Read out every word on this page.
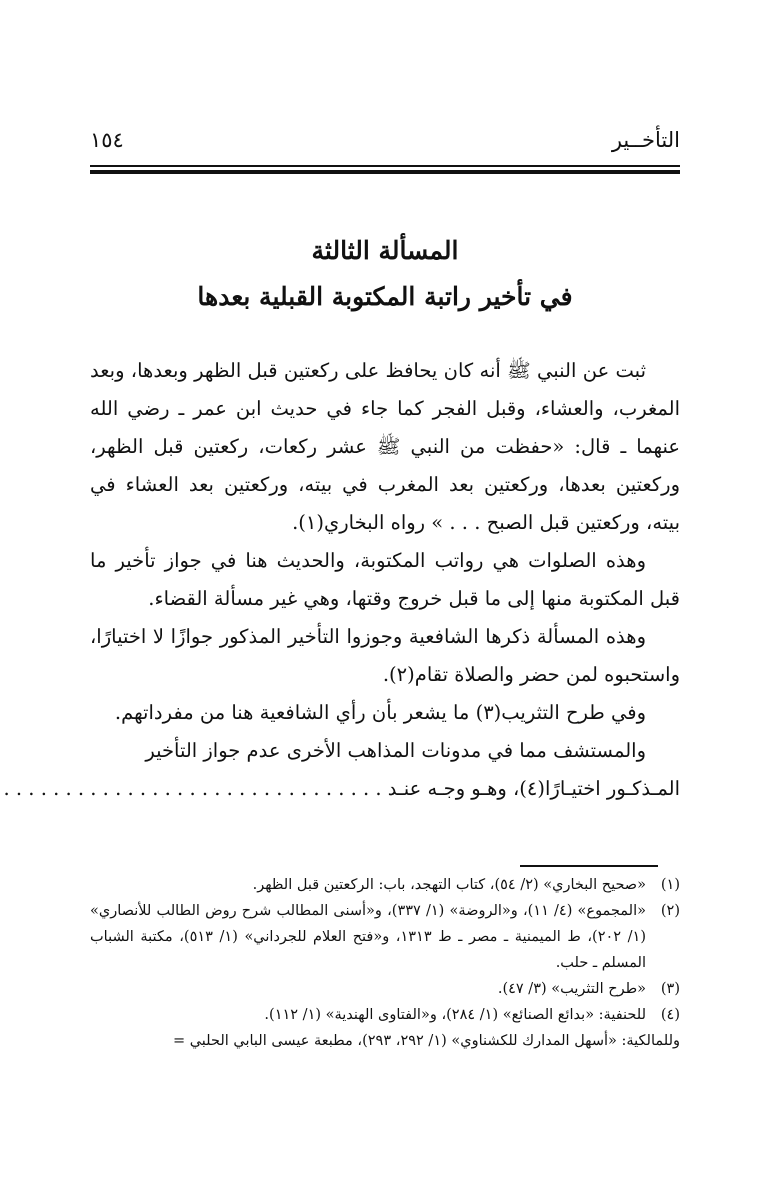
التأخــير
١٥٤
المسألة الثالثة
في تأخير راتبة المكتوبة القبلية بعدها

ثبت عن النبي ﷺ أنه كان يحافظ على ركعتين قبل الظهر وبعدها، وبعد المغرب، والعشاء، وقبل الفجر كما جاء في حديث ابن عمر ـ رضي الله عنهما ـ قال: «حفظت من النبي ﷺ عشر ركعات، ركعتين قبل الظهر، وركعتين بعدها، وركعتين بعد المغرب في بيته، وركعتين بعد العشاء في بيته، وركعتين قبل الصبح . . . » رواه البخاري(١).

وهذه الصلوات هي رواتب المكتوبة، والحديث هنا في جواز تأخير ما قبل المكتوبة منها إلى ما قبل خروج وقتها، وهي غير مسألة القضاء.

وهذه المسألة ذكرها الشافعية وجوزوا التأخير المذكور جوازًا لا اختيارًا، واستحبوه لمن حضر والصلاة تقام(٢).

وفي طرح التثريب(٣) ما يشعر بأن رأي الشافعية هنا من مفرداتهم.

والمستشف مما في مدونات المذاهب الأخرى عدم جواز التأخير

المـذكـور اختيـارًا(٤)، وهـو وجـه عنـد . . . . . . . . . . . . . . . . . . . . . . . . . . . . . . .

(١)
«صحيح البخاري» (٢/ ٥٤)، كتاب التهجد، باب: الركعتين قبل الظهر.
(٢)
«المجموع» (٤/ ١١)، و«الروضة» (١/ ٣٣٧)، و«أسنى المطالب شرح روض الطالب للأنصاري» (١/ ٢٠٢)، ط الميمنية ـ مصر ـ ط ١٣١٣، و«فتح العلام للجرداني» (١/ ٥١٣)، مكتبة الشباب المسلم ـ حلب.
(٣)
«طرح التثريب» (٣/ ٤٧).
(٤)
للحنفية: «بدائع الصنائع» (١/ ٢٨٤)، و«الفتاوى الهندية» (١/ ١١٢).
وللمالكية: «أسهل المدارك للكشناوي» (١/ ٢٩٢، ٢٩٣)، مطبعة عيسى البابي الحلبي =
